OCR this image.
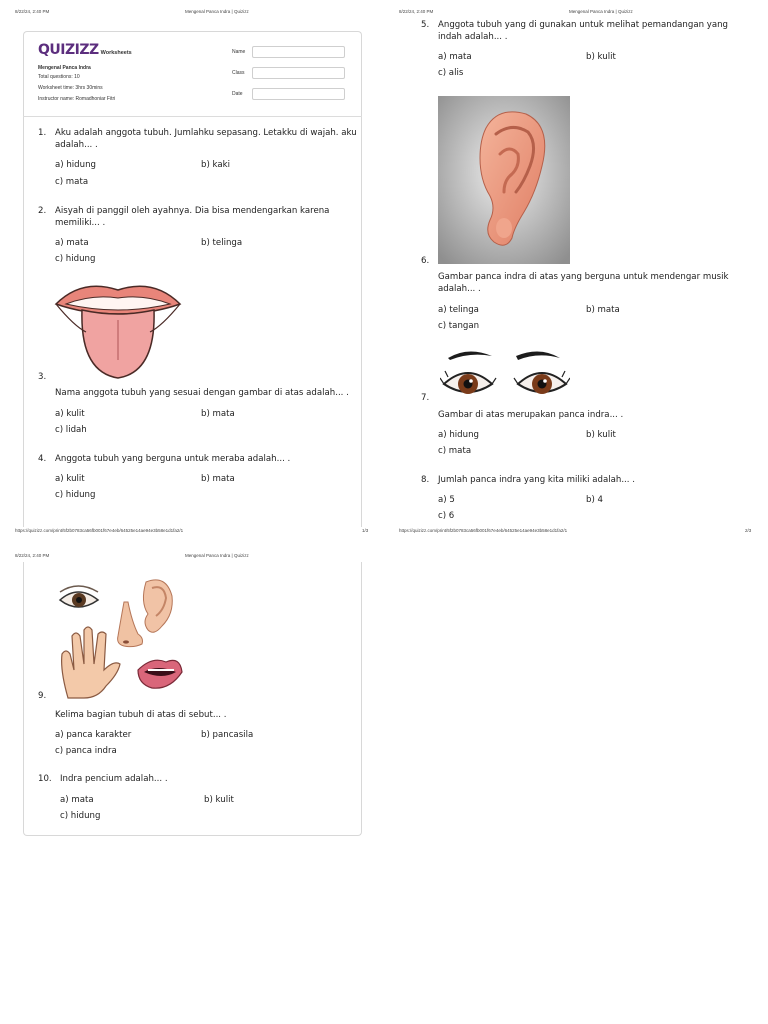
8/22/24, 2:40 PM	Mengenal Panca Indra | Quizizz
QUIZIZZ Worksheets
Mengenal Panca Indra
Total questions: 10
Worksheet time: 3hrs 30mins
Instructor name: Romadhoniar Fitri
Name
Class
Date
1. Aku adalah anggota tubuh. Jumlahku sepasang. Letakku di wajah. aku
adalah... .
a) hidung	b) kaki
c) mata
2. Aisyah di panggil oleh ayahnya. Dia bisa mendengarkan karena
memiliki... .
a) mata	b) telinga
c) hidung
3.
Nama anggota tubuh yang sesuai dengan gambar di atas adalah... .
a) kulit	b) mata
c) lidah
4. Anggota tubuh yang berguna untuk meraba adalah... .
a) kulit	b) mata
c) hidung
https://quizizz.com/print/5f2b0783ca56fb001f67e4eb/64525e14ae94e3b58e1d1fa2/1	1/3
8/22/24, 2:40 PM	Mengenal Panca Indra | Quizizz
5. Anggota tubuh yang di gunakan untuk melihat pemandangan yang
indah adalah... .
a) mata	b) kulit
c) alis
6.
Gambar panca indra di atas yang berguna untuk mendengar musik
adalah... .
a) telinga	b) mata
c) tangan
7.
Gambar di atas merupakan panca indra... .
a) hidung	b) kulit
c) mata
8. Jumlah panca indra yang kita miliki adalah... .
a) 5	b) 4
c) 6
https://quizizz.com/print/5f2b0783ca56fb001f67e4eb/64525e14ae94e3b58e1d1fa2/1	2/3
8/22/24, 2:40 PM	Mengenal Panca Indra | Quizizz
9.
Kelima bagian tubuh di atas di sebut... .
a) panca karakter	b) pancasila
c) panca indra
10. Indra pencium adalah... .
a) mata	b) kulit
c) hidung
